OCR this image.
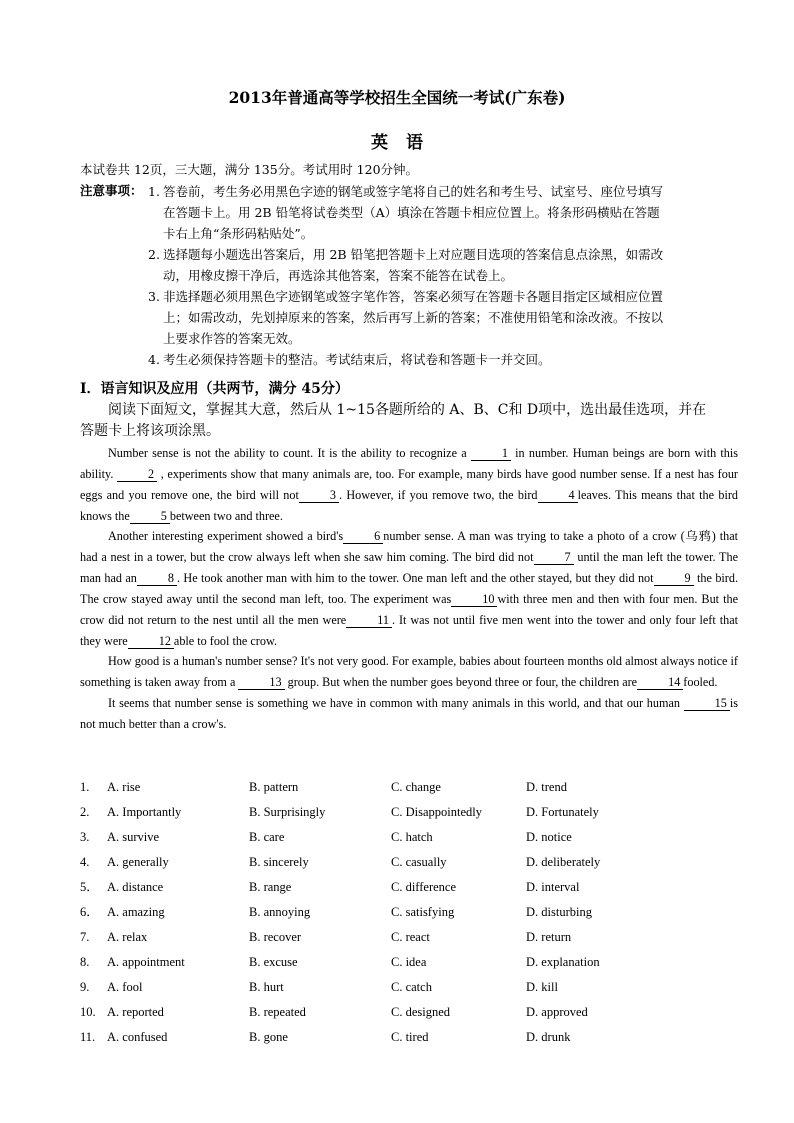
2013年普通高等学校招生全国统一考试(广东卷)
英语
本试卷共 12页，三大题，满分 135分。考试用时 120分钟。
注意事项： 1. 答卷前，考生务必用黑色字迹的钢笔或签字笔将自己的姓名和考生号、试室号、座位号填写
在答题卡上。用 2B 铅笔将试卷类型（A）填涂在答题卡相应位置上。将条形码横贴在答题
卡右上角“条形码粘贴处”。
2. 选择题每小题选出答案后，用 2B 铅笔把答题卡上对应题目选项的答案信息点涂黑，如需改
动，用橡皮擦干净后，再选涂其他答案，答案不能答在试卷上。
3. 非选择题必须用黑色字迹钢笔或签字笔作答，答案必须写在答题卡各题目指定区域相应位置
上；如需改动，先划掉原来的答案，然后再写上新的答案；不准使用铅笔和涂改液。不按以
上要求作答的答案无效。
4. 考生必须保持答题卡的整洁。考试结束后，将试卷和答题卡一并交回。
I．语言知识及应用（共两节，满分 45分）
阅读下面短文，掌握其大意，然后从 1~15各题所给的 A、B、C和 D项中，选出最佳选项，并在答题卡上将该项涂黑。

Number sense is not the ability to count. It is the ability to recognize a	1 in number. Human beings are born with this ability.	2 , experiments show that many animals are, too. For example, many birds have good number sense. If a nest has four eggs and you remove one, the bird will not	3 . However, if you remove two, the bird	4 leaves. This means that the bird knows the	5 between two and three.

Another interesting experiment showed a bird's	6 number sense. A man was trying to take a photo of a crow (乌鸦) that had a nest in a tower, but the crow always left when she saw him coming. The bird did not	7 until the man left the tower. The man had an	8 . He took another man with him to the tower. One man left and the other stayed, but they did not	9 the bird. The crow stayed away until the second man left, too. The experiment was	10 with three men and then with four men. But the crow did not return to the nest until all the men were	11 . It was not until five men went into the tower and only four left that they were	12 able to fool the crow.

How good is a human's number sense? It's not very good. For example, babies about fourteen months old almost always notice if something is taken away from a	13 group. But when the number goes beyond three or four, the children are	14 fooled.

It seems that number sense is something we have in common with many animals in this world, and that our human	15 is not much better than a crow's.

1. A. rise	B. pattern	C. change	D. trend
2. A. Importantly	B. Surprisingly	C. Disappointedly	D. Fortunately
3. A. survive	B. care	C. hatch	D. notice
4. A. generally	B. sincerely	C. casually	D. deliberately
5． A. distance	B. range	C. difference	D. interval
6． A. amazing	B. annoying	C. satisfying	D. disturbing
7. A. relax	B. recover	C. react	D. return
8. A. appointment	B. excuse	C. idea	D. explanation
9. A. fool	B. hurt	C. catch	D. kill
10. A. reported	B. repeated	C. designed	D. approved
11. A. confused	B. gone	C. tired	D. drunk
